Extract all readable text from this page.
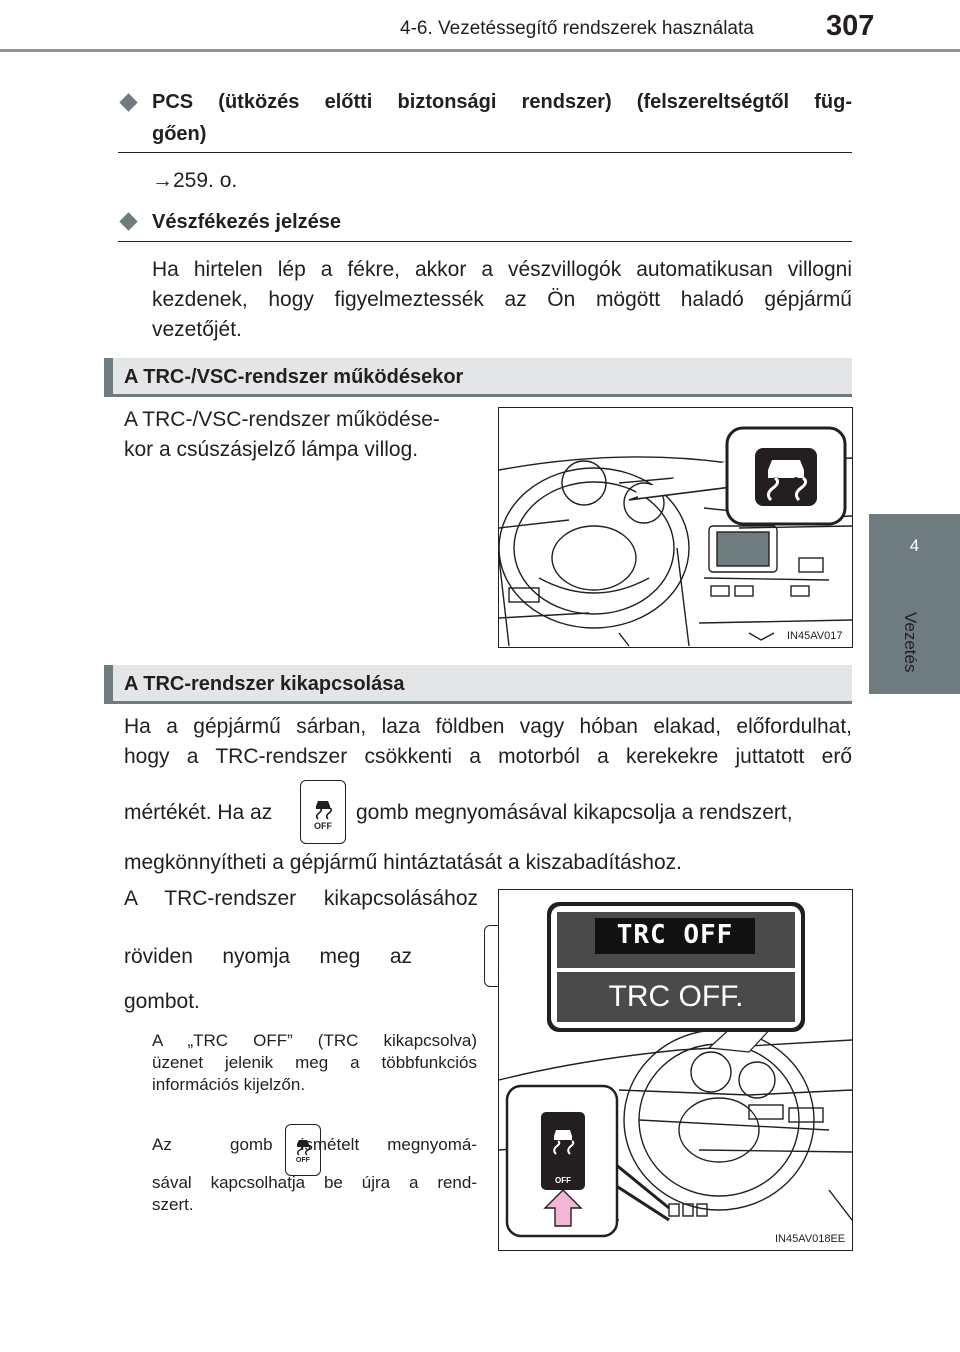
4-6. Vezetéssegítő rendszerek használata 307
4
Vezetés
PCS (ütközés előtti biztonsági rendszer) (felszereltségtől füg-
gően)
→259. o.
Vészfékezés jelzése
Ha hirtelen lép a fékre, akkor a vészvillogók automatikusan villogni
kezdenek, hogy figyelmeztessék az Ön mögött haladó gépjármű
vezetőjét.
A TRC-/VSC-rendszer működésekor
A TRC-/VSC-rendszer működése-
kor a csúszásjelző lámpa villog.
IN45AV017
A TRC-rendszer kikapcsolása
Ha a gépjármű sárban, laza földben vagy hóban elakad, előfordulhat,
hogy a TRC-rendszer csökkenti a motorból a kerekekre juttatott erő
mértékét. Ha az
OFF

gomb megnyomásával kikapcsolja a rendszert,
megkönnyítheti a gépjármű hintáztatását a kiszabadításhoz.
A TRC-rendszer kikapcsolásához
röviden nyomja meg az

gombot.
A „TRC OFF” (TRC kikapcsolva)
üzenet jelenik meg a többfunkciós
információs kijelzőn.
Az
OFF
gomb ismételt megnyomá-
sával kapcsolhatja be újra a rend-
szert.
TRC OFF
TRC OFF.
OFF
IN45AV018EE
